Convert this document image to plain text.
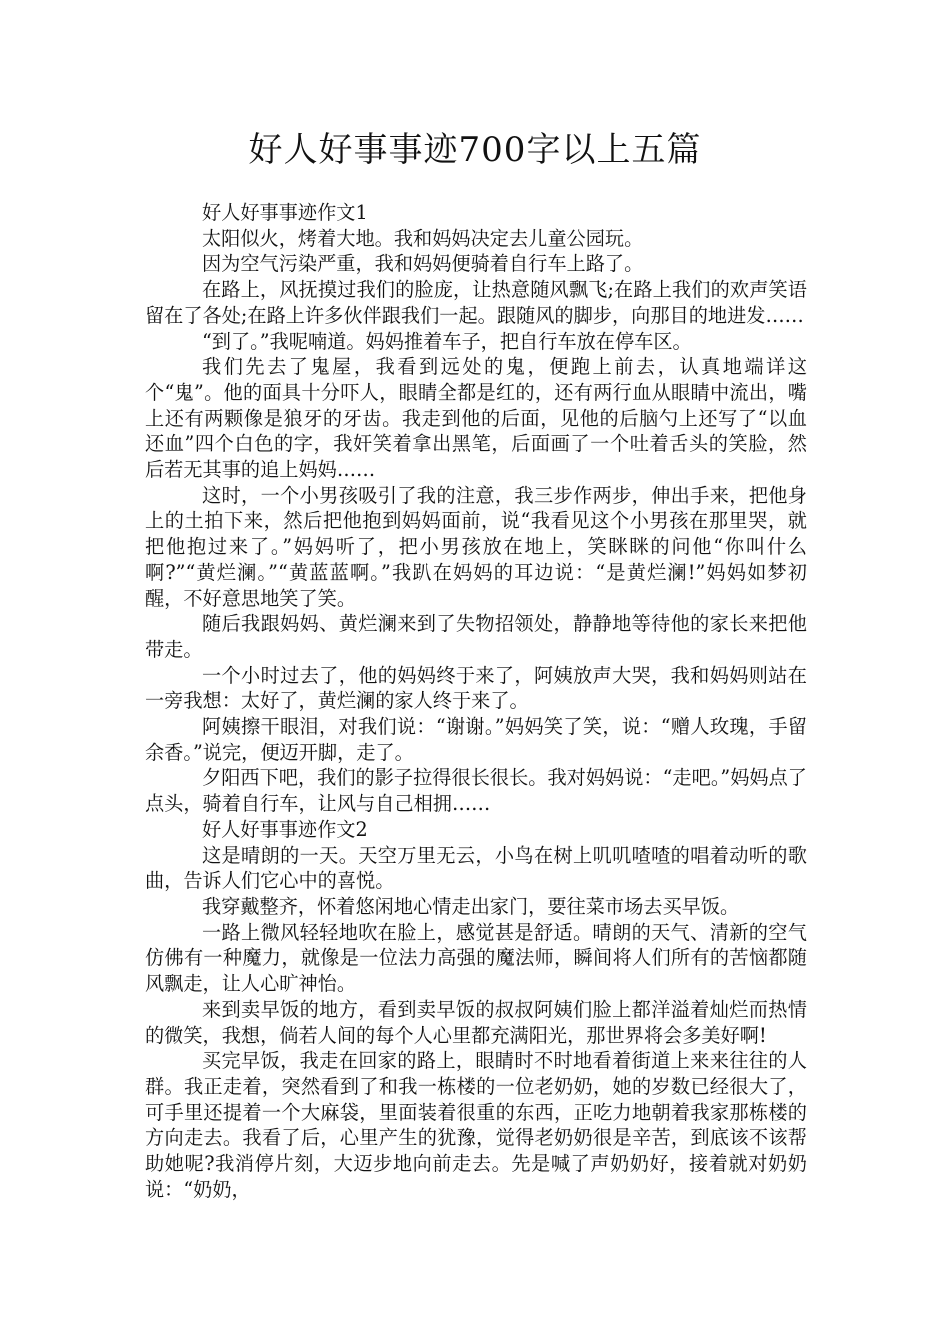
好人好事事迹700字以上五篇

好人好事事迹作文1

太阳似火，烤着大地。我和妈妈决定去儿童公园玩。

因为空气污染严重，我和妈妈便骑着自行车上路了。

在路上，风抚摸过我们的脸庞，让热意随风飘飞;在路上我们的欢声笑语留在了各处;在路上许多伙伴跟我们一起。跟随风的脚步，向那目的地进发……

“到了。”我呢喃道。妈妈推着车子，把自行车放在停车区。

我们先去了鬼屋，我看到远处的鬼，便跑上前去，认真地端详这个“鬼”。他的面具十分吓人，眼睛全都是红的，还有两行血从眼睛中流出，嘴上还有两颗像是狼牙的牙齿。我走到他的后面，见他的后脑勺上还写了“以血还血”四个白色的字，我奸笑着拿出黑笔，后面画了一个吐着舌头的笑脸，然后若无其事的追上妈妈……

这时，一个小男孩吸引了我的注意，我三步作两步，伸出手来，把他身上的土拍下来，然后把他抱到妈妈面前，说“我看见这个小男孩在那里哭，就把他抱过来了。”妈妈听了，把小男孩放在地上，笑眯眯的问他“你叫什么啊?”“黄烂澜。”“黄蓝蓝啊。”我趴在妈妈的耳边说：“是黄烂澜!”妈妈如梦初醒，不好意思地笑了笑。

随后我跟妈妈、黄烂澜来到了失物招领处，静静地等待他的家长来把他带走。

一个小时过去了，他的妈妈终于来了，阿姨放声大哭，我和妈妈则站在一旁我想：太好了，黄烂澜的家人终于来了。

阿姨擦干眼泪，对我们说：“谢谢。”妈妈笑了笑，说：“赠人玫瑰，手留余香。”说完，便迈开脚，走了。

夕阳西下吧，我们的影子拉得很长很长。我对妈妈说：“走吧。”妈妈点了点头，骑着自行车，让风与自己相拥……

好人好事事迹作文2

这是晴朗的一天。天空万里无云，小鸟在树上叽叽喳喳的唱着动听的歌曲，告诉人们它心中的喜悦。

我穿戴整齐，怀着悠闲地心情走出家门，要往菜市场去买早饭。

一路上微风轻轻地吹在脸上，感觉甚是舒适。晴朗的天气、清新的空气仿佛有一种魔力，就像是一位法力高强的魔法师，瞬间将人们所有的苦恼都随风飘走，让人心旷神怡。

来到卖早饭的地方，看到卖早饭的叔叔阿姨们脸上都洋溢着灿烂而热情的微笑，我想，倘若人间的每个人心里都充满阳光，那世界将会多美好啊!

买完早饭，我走在回家的路上，眼睛时不时地看着街道上来来往往的人群。我正走着，突然看到了和我一栋楼的一位老奶奶，她的岁数已经很大了，可手里还提着一个大麻袋，里面装着很重的东西，正吃力地朝着我家那栋楼的方向走去。我看了后，心里产生的犹豫，觉得老奶奶很是辛苦，到底该不该帮助她呢?我消停片刻，大迈步地向前走去。先是喊了声奶奶好，接着就对奶奶说：“奶奶，
